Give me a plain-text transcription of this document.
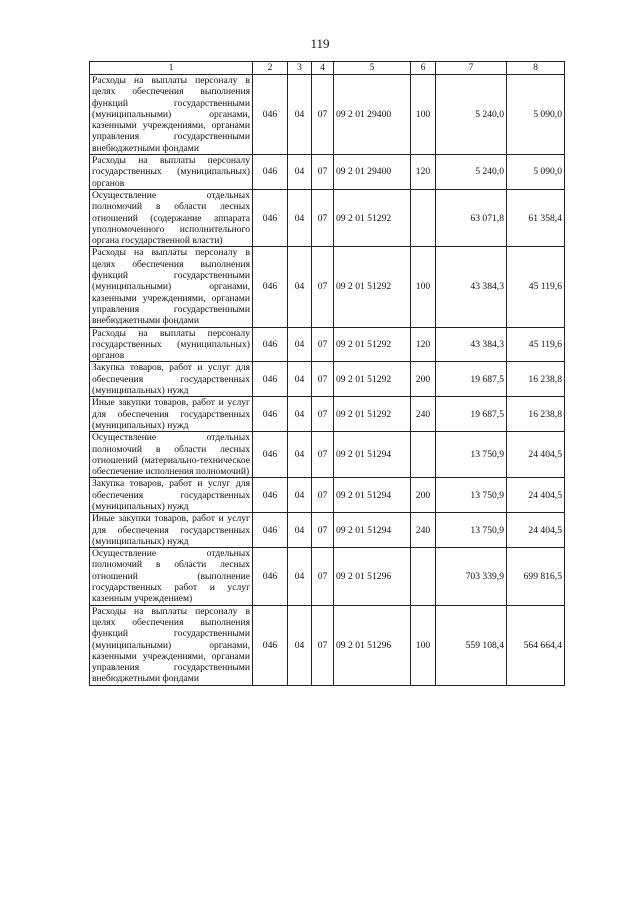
119
1	2	3	4	5	6	7	8
Расходы на выплаты персоналу в целях обеспечения выполнения функций государственными (муниципальными) органами, казенными учреждениями, органами управления государственными внебюджетными фондами	046	04	07	09 2 01 29400	100	5 240,0	5 090,0
Расходы на выплаты персоналу государственных (муниципальных) органов	046	04	07	09 2 01 29400	120	5 240,0	5 090,0
Осуществление отдельных полномочий в области лесных отношений (содержание аппарата уполномоченного исполнительного органа государственной власти)	046	04	07	09 2 01 51292		63 071,8	61 358,4
Расходы на выплаты персоналу в целях обеспечения выполнения функций государственными (муниципальными) органами, казенными учреждениями, органами управления государственными внебюджетными фондами	046	04	07	09 2 01 51292	100	43 384,3	45 119,6
Расходы на выплаты персоналу государственных (муниципальных) органов	046	04	07	09 2 01 51292	120	43 384,3	45 119,6
Закупка товаров, работ и услуг для обеспечения государственных (муниципальных) нужд	046	04	07	09 2 01 51292	200	19 687,5	16 238,8
Иные закупки товаров, работ и услуг для обеспечения государственных (муниципальных) нужд	046	04	07	09 2 01 51292	240	19 687,5	16 238,8
Осуществление отдельных полномочий в области лесных отношений (материально-техническое обеспечение исполнения полномочий)	046	04	07	09 2 01 51294		13 750,9	24 404,5
Закупка товаров, работ и услуг для обеспечения государственных (муниципальных) нужд	046	04	07	09 2 01 51294	200	13 750,9	24 404,5
Иные закупки товаров, работ и услуг для обеспечения государственных (муниципальных) нужд	046	04	07	09 2 01 51294	240	13 750,9	24 404,5
Осуществление отдельных полномочий в области лесных отношений (выполнение государственных работ и услуг казенным учреждением)	046	04	07	09 2 01 51296		703 339,9	699 816,5
Расходы на выплаты персоналу в целях обеспечения выполнения функций государственными (муниципальными) органами, казенными учреждениями, органами управления государственными внебюджетными фондами	046	04	07	09 2 01 51296	100	559 108,4	564 664,4
